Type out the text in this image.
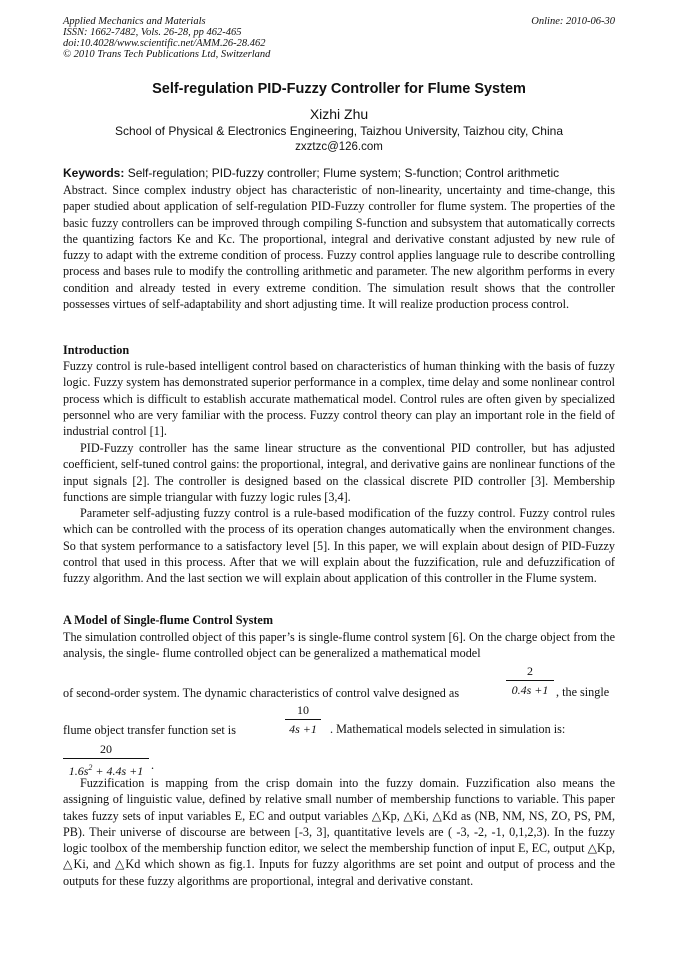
Applied Mechanics and Materials
ISSN: 1662-7482, Vols. 26-28, pp 462-465
doi:10.4028/www.scientific.net/AMM.26-28.462
© 2010 Trans Tech Publications Ltd, Switzerland
Online: 2010-06-30
Self-regulation PID-Fuzzy Controller for Flume System
Xizhi Zhu
School of Physical & Electronics Engineering, Taizhou University, Taizhou city, China
zxztzc@126.com
Keywords: Self-regulation; PID-fuzzy controller; Flume system; S-function; Control arithmetic
Abstract. Since complex industry object has characteristic of non-linearity, uncertainty and time-change, this paper studied about application of self-regulation PID-Fuzzy controller for flume system. The properties of the basic fuzzy controllers can be improved through compiling S-function and subsystem that automatically corrects the quantizing factors Ke and Kc. The proportional, integral and derivative constant adjusted by new rule of fuzzy to adapt with the extreme condition of process. Fuzzy control applies language rule to describe controlling process and bases rule to modify the controlling arithmetic and parameter. The new algorithm performs in every condition and already tested in every extreme condition. The simulation result shows that the controller possesses virtues of self-adaptability and short adjusting time. It will realize production process control.
Introduction
Fuzzy control is rule-based intelligent control based on characteristics of human thinking with the basis of fuzzy logic. Fuzzy system has demonstrated superior performance in a complex, time delay and some nonlinear control process which is difficult to establish accurate mathematical model. Control rules are often given by specialized personnel who are very familiar with the process. Fuzzy control theory can play an important role in the field of industrial control [1].
PID-Fuzzy controller has the same linear structure as the conventional PID controller, but has adjusted coefficient, self-tuned control gains: the proportional, integral, and derivative gains are nonlinear functions of the input signals [2]. The controller is designed based on the classical discrete PID controller [3]. Membership functions are simple triangular with fuzzy logic rules [3,4].
Parameter self-adjusting fuzzy control is a rule-based modification of the fuzzy control. Fuzzy control rules which can be controlled with the process of its operation changes automatically when the environment changes. So that system performance to a satisfactory level [5]. In this paper, we will explain about design of PID-Fuzzy control that used in this process. After that we will explain about the fuzzification, rule and defuzzification of fuzzy algorithm. And the last section we will explain about application of this controller in the Flume system.
A Model of Single-flume Control System
The simulation controlled object of this paper’s is single-flume control system [6]. On the charge object from the analysis, the single- flume controlled object can be generalized a mathematical model
of second-order system. The dynamic characteristics of control valve designed as
2
0.4s +1 , the single
flume object transfer function set is
10
4s +1	. Mathematical models selected in simulation is:
20
$1.6s^2 + 4.4s +1$ .
Fuzzification is mapping from the crisp domain into the fuzzy domain. Fuzzification also means the assigning of linguistic value, defined by relative small number of membership functions to variable. This paper takes fuzzy sets of input variables E, EC and output variables △Kp, △Ki, △Kd as (NB, NM, NS, ZO, PS, PM, PB). Their universe of discourse are between [-3, 3], quantitative levels are ( -3, -2, -1, 0,1,2,3). In the fuzzy logic toolbox of the membership function editor, we select the membership function of input E, EC, output △Kp, △Ki, and △Kd which shown as fig.1. Inputs for fuzzy algorithms are set point and output of process and the outputs for these fuzzy algorithms are proportional, integral and derivative constant.
